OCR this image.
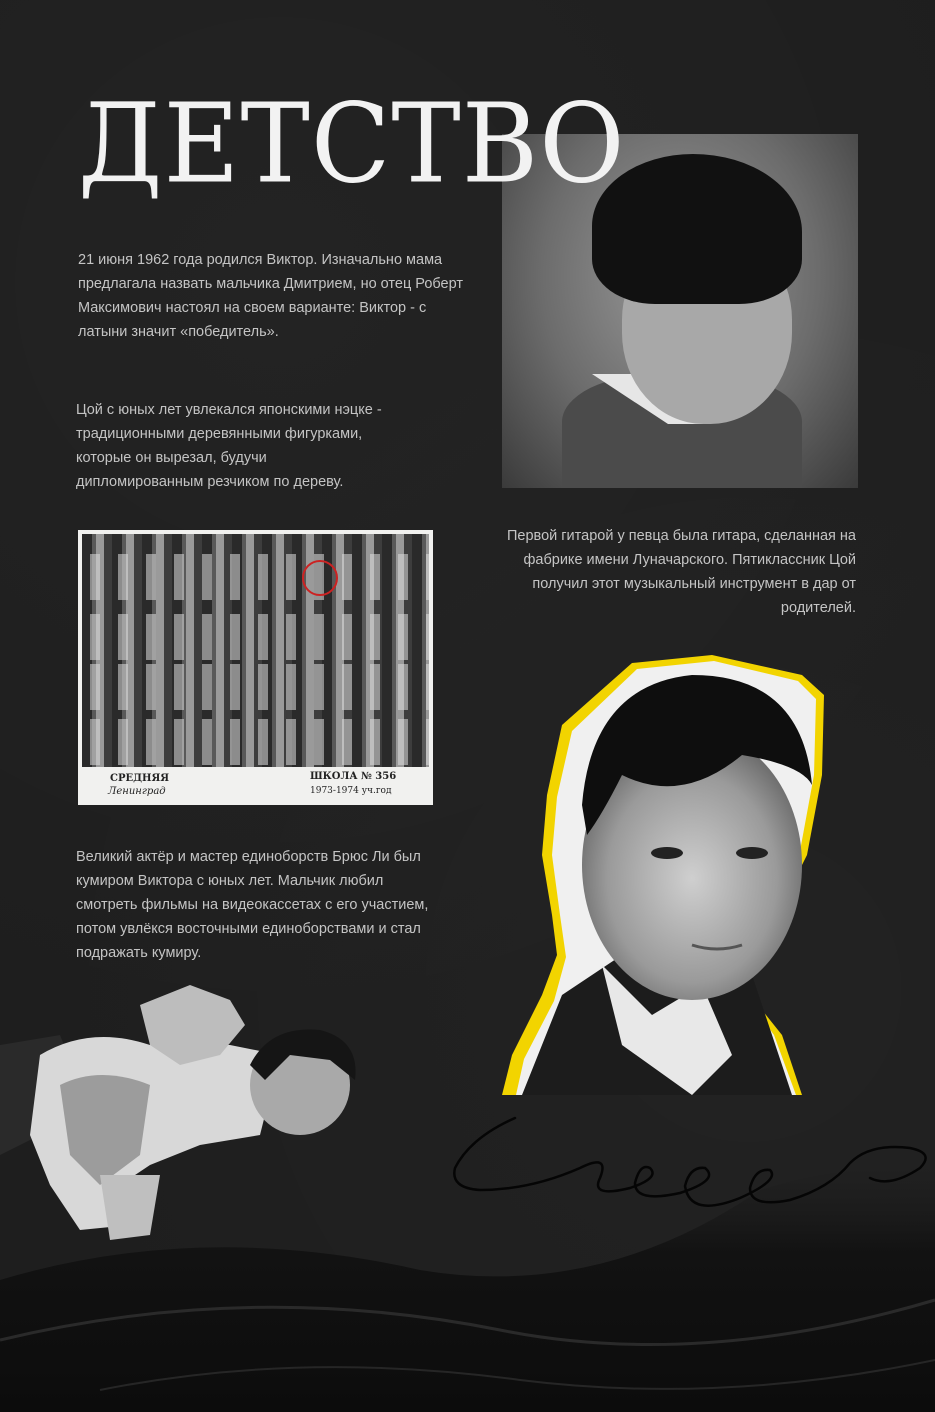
ДЕТСТВО

21 июня 1962 года родился Виктор. Изначально мама предлагала назвать мальчика Дмитрием, но отец Роберт Максимович настоял на своем варианте: Виктор - с латыни значит «победитель».

Цой с юных лет увлекался японскими нэцке - традиционными деревянными фигурками, которые он вырезал, будучи дипломированным резчиком по дереву.

Первой гитарой у певца была гитара, сделанная на фабрике имени Луначарского. Пятиклассник Цой получил этот музыкальный инструмент в дар от родителей.

Великий актёр и мастер единоборств Брюс Ли был кумиром Виктора с юных лет. Мальчик любил смотреть фильмы на видеокассетах с его участием, потом увлёкся восточными единоборствами и стал подражать кумиру.

СРЕДНЯЯ
Ленинград
ШКОЛА № 356
1973-1974 уч.год
